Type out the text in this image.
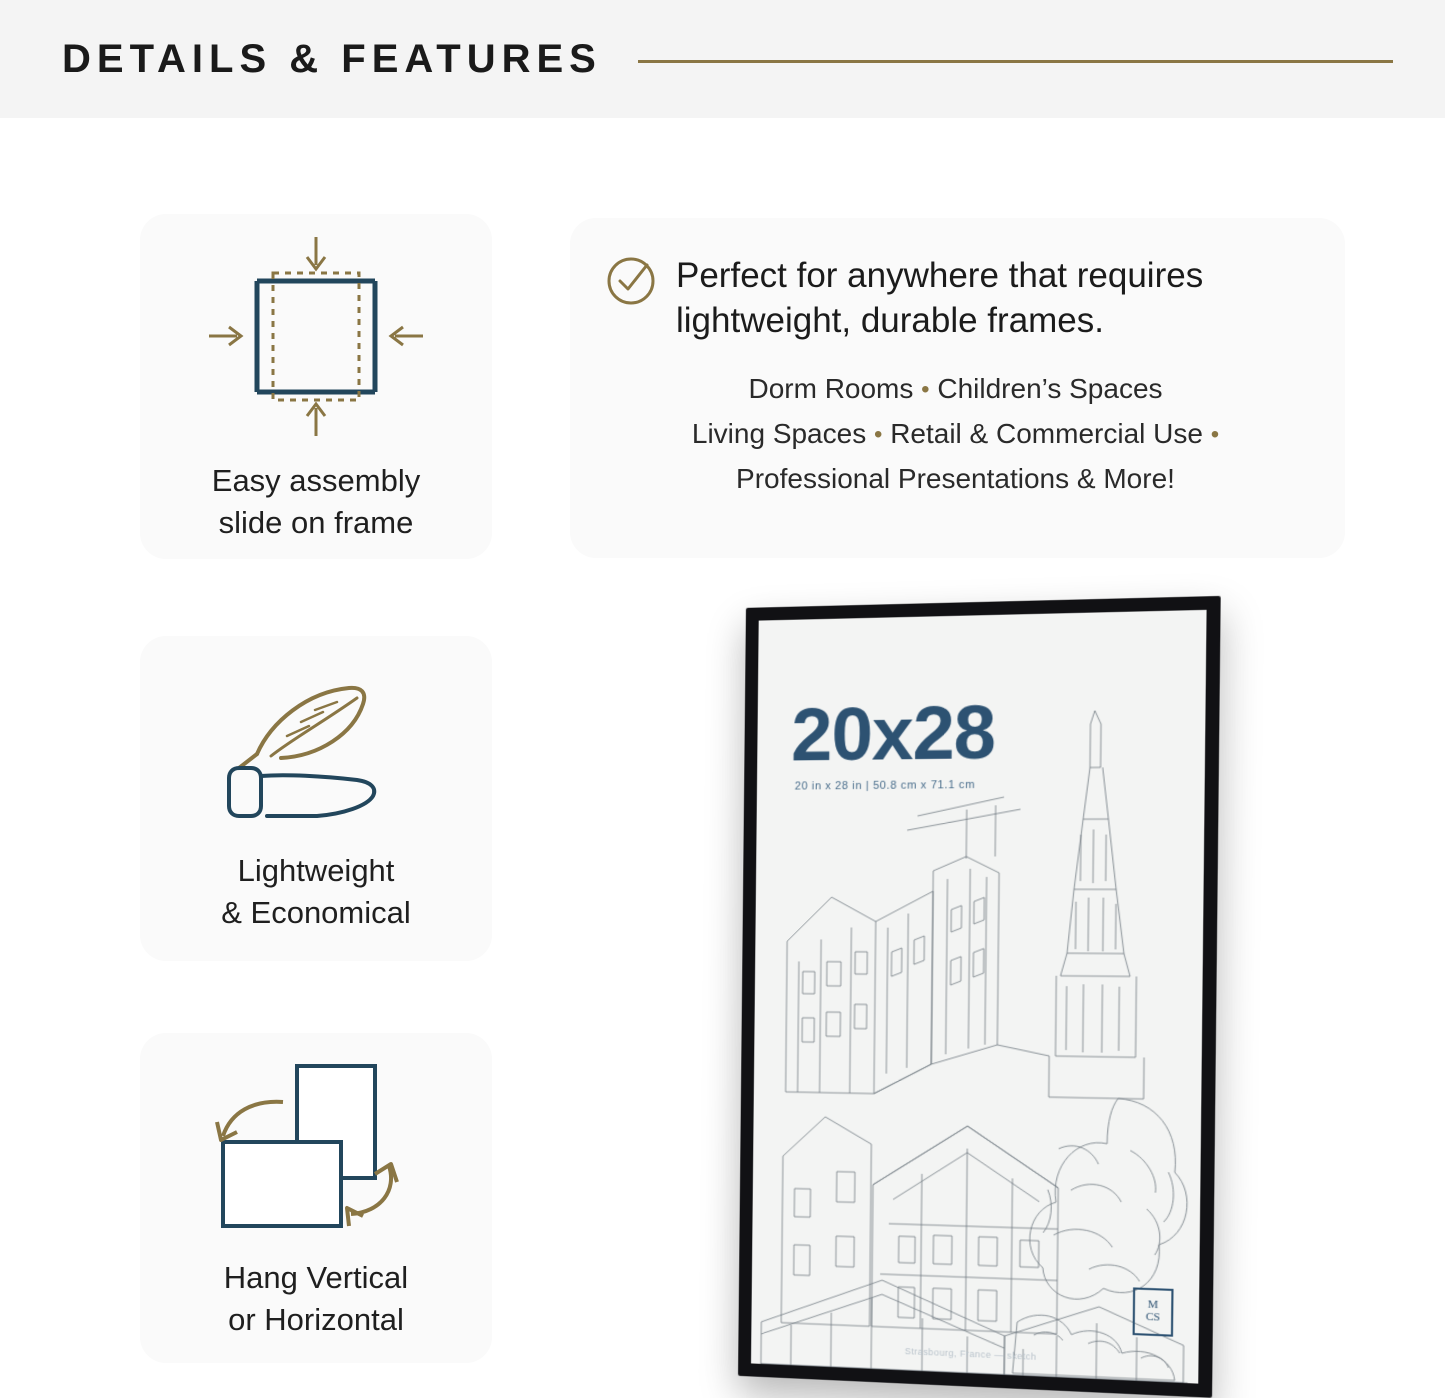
DETAILS & FEATURES
Easy assembly
slide on frame
Lightweight
& Economical
Hang Vertical
or Horizontal
Perfect for anywhere that requires lightweight, durable frames.
Dorm Rooms • Children’s Spaces
Living Spaces • Retail & Commercial Use •
Professional Presentations & More!
20x28
20 in x 28 in | 50.8 cm x 71.1 cm
M
CS
Strasbourg, France — sketch
